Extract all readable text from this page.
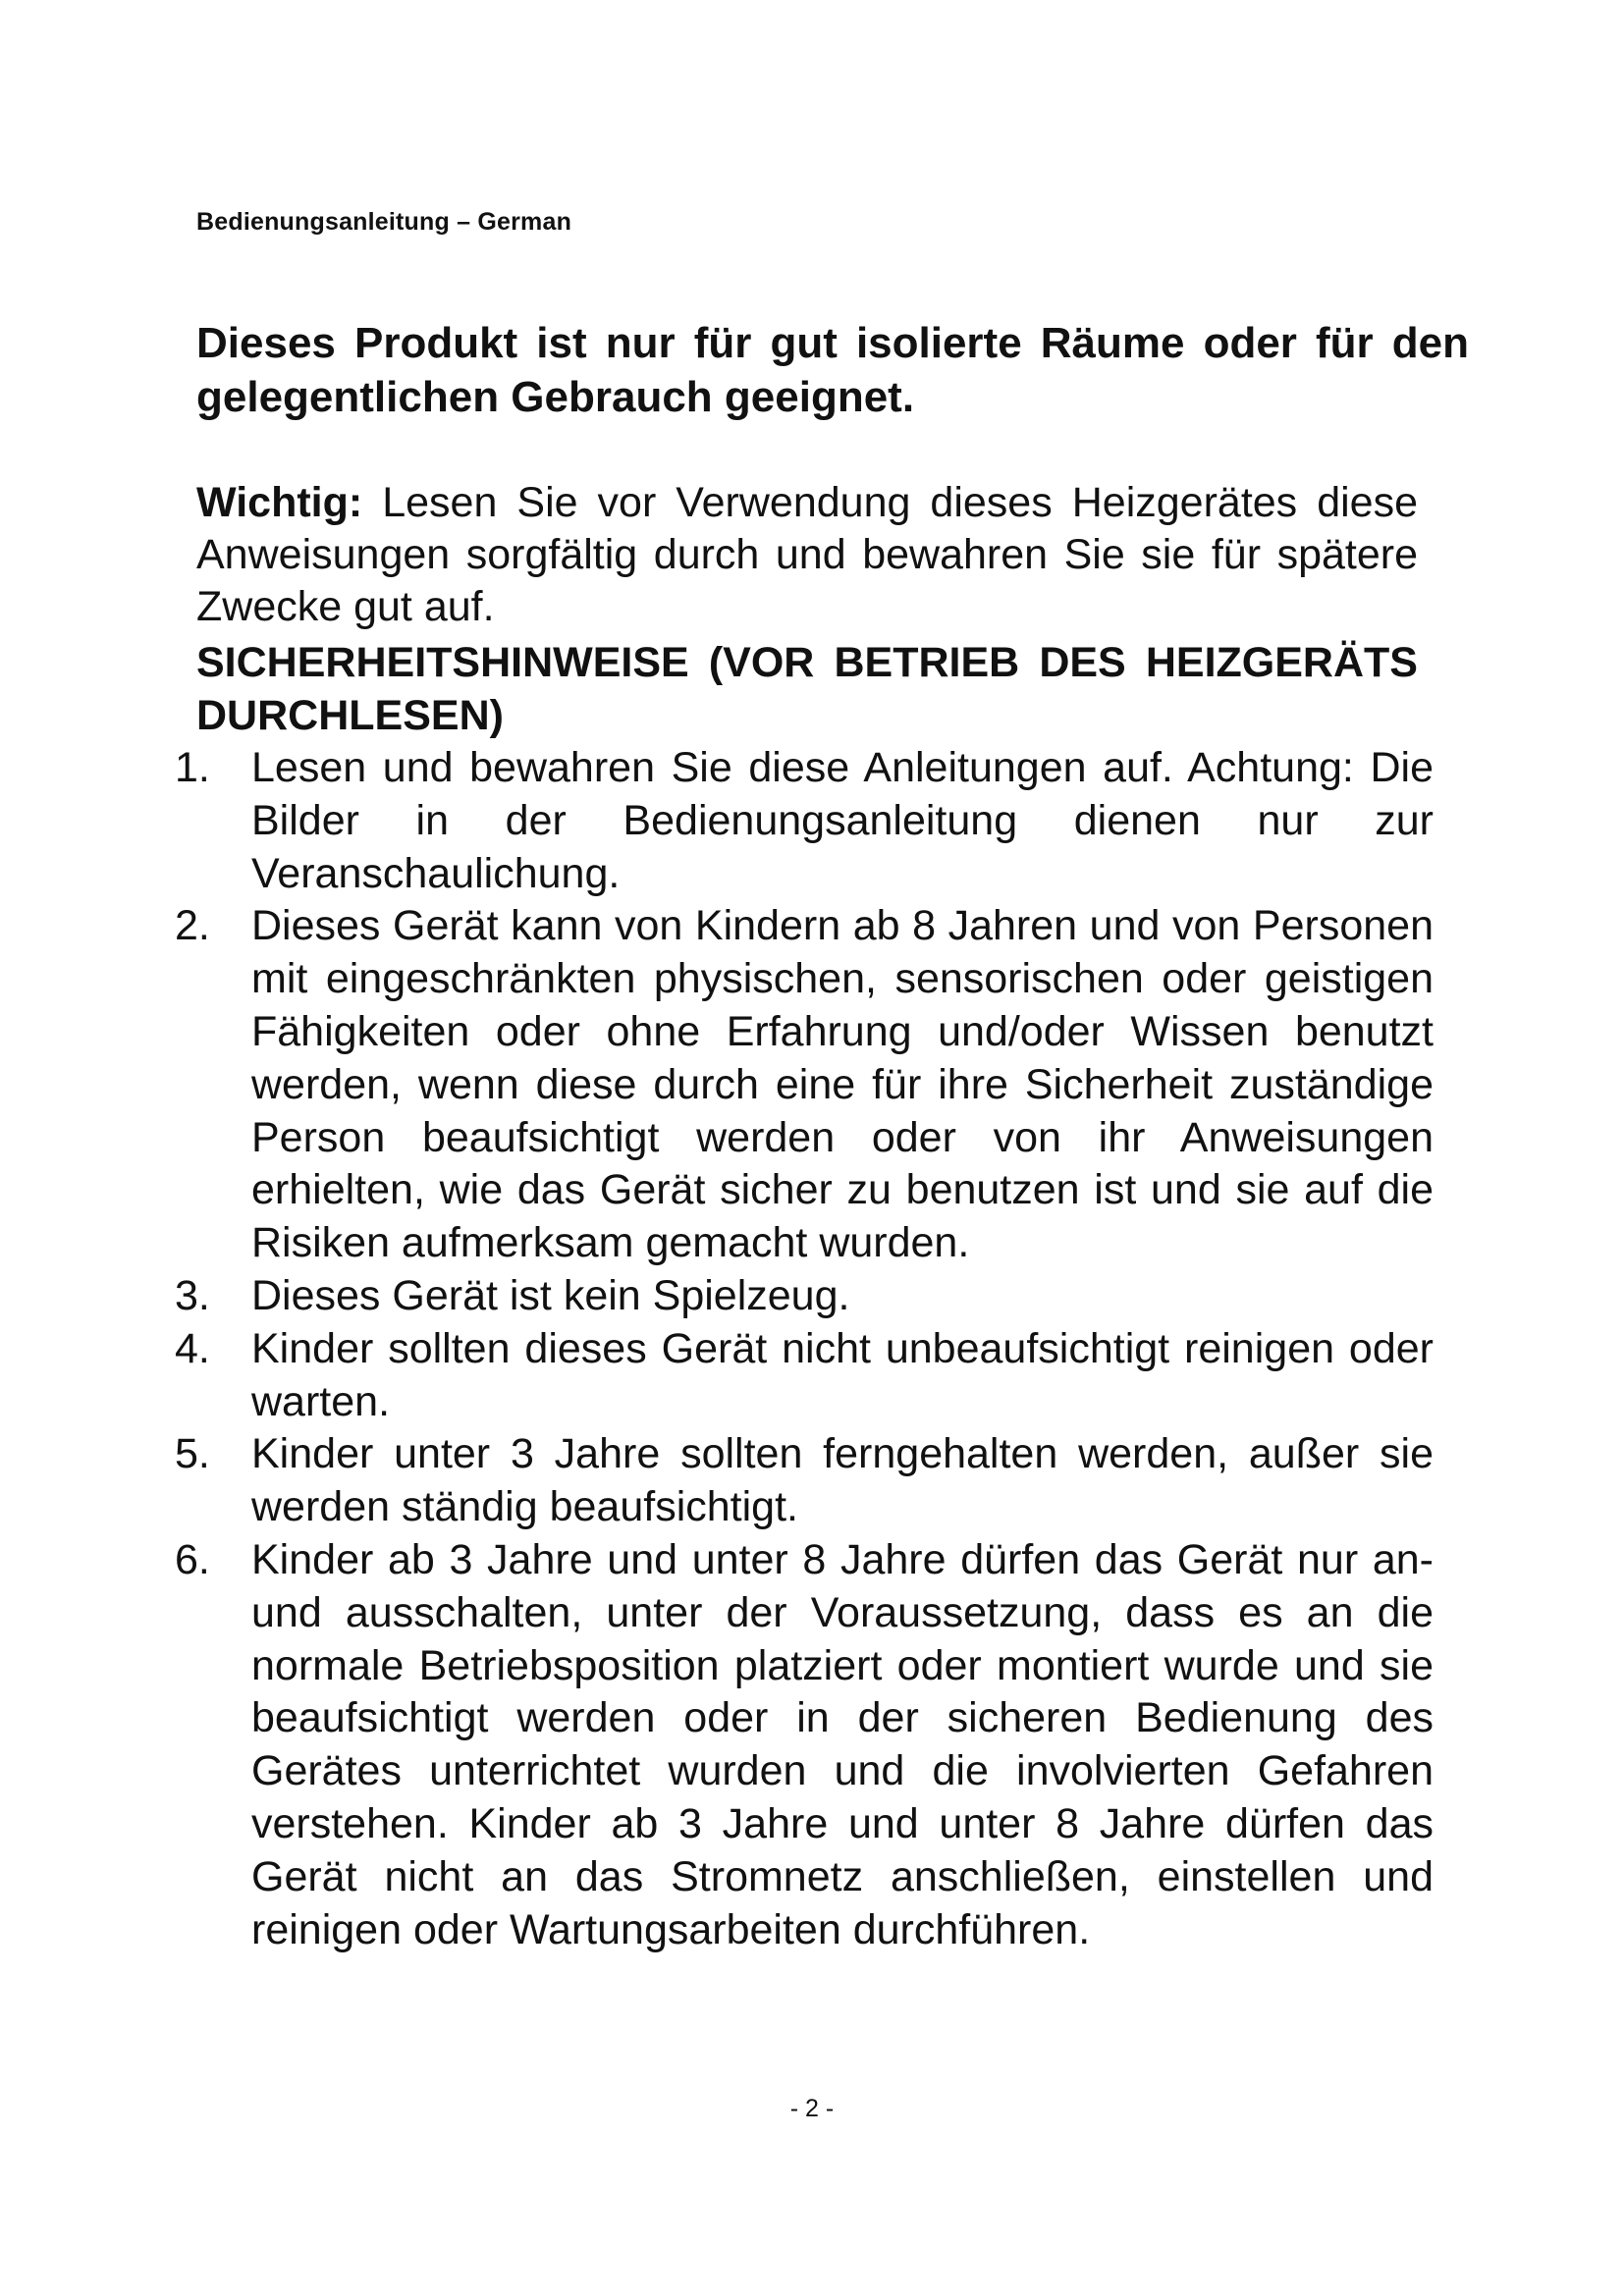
Bedienungsanleitung – German
Dieses Produkt ist nur für gut isolierte Räume oder für den gelegentlichen Gebrauch geeignet.
Wichtig: Lesen Sie vor Verwendung dieses Heizgerätes diese Anweisungen sorgfältig durch und bewahren Sie sie für spätere Zwecke gut auf.
SICHERHEITSHINWEISE (VOR BETRIEB DES HEIZGERÄTS DURCHLESEN)
1. Lesen und bewahren Sie diese Anleitungen auf. Achtung: Die Bilder in der Bedienungsanleitung dienen nur zur Veranschaulichung.
2. Dieses Gerät kann von Kindern ab 8 Jahren und von Personen mit eingeschränkten physischen, sensorischen oder geistigen Fähigkeiten oder ohne Erfahrung und/oder Wissen benutzt werden, wenn diese durch eine für ihre Sicherheit zuständige Person beaufsichtigt werden oder von ihr Anweisungen erhielten, wie das Gerät sicher zu benutzen ist und sie auf die Risiken aufmerksam gemacht wurden.
3. Dieses Gerät ist kein Spielzeug.
4. Kinder sollten dieses Gerät nicht unbeaufsichtigt reinigen oder warten.
5. Kinder unter 3 Jahre sollten ferngehalten werden, außer sie werden ständig beaufsichtigt.
6. Kinder ab 3 Jahre und unter 8 Jahre dürfen das Gerät nur an- und ausschalten, unter der Voraussetzung, dass es an die normale Betriebsposition platziert oder montiert wurde und sie beaufsichtigt werden oder in der sicheren Bedienung des Gerätes unterrichtet wurden und die involvierten Gefahren verstehen. Kinder ab 3 Jahre und unter 8 Jahre dürfen das Gerät nicht an das Stromnetz anschließen, einstellen und reinigen oder Wartungsarbeiten durchführen.
- 2 -
